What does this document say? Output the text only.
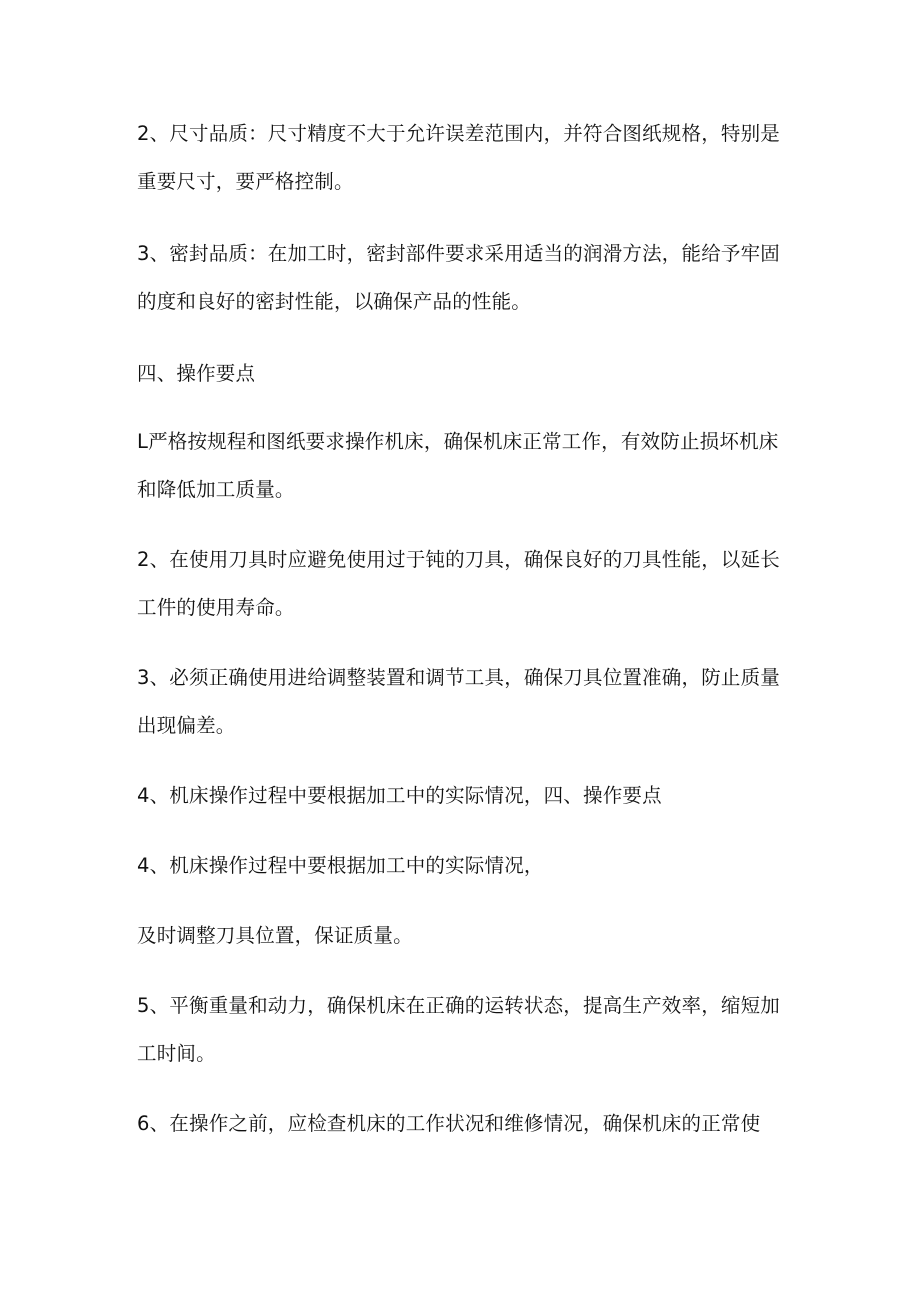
2、尺寸品质：尺寸精度不大于允许误差范围内，并符合图纸规格，特别是重要尺寸，要严格控制。

3、密封品质：在加工时，密封部件要求采用适当的润滑方法，能给予牢固的度和良好的密封性能，以确保产品的性能。

四、操作要点

L严格按规程和图纸要求操作机床，确保机床正常工作，有效防止损坏机床和降低加工质量。

2、在使用刀具时应避免使用过于钝的刀具，确保良好的刀具性能，以延长工件的使用寿命。

3、必须正确使用进给调整装置和调节工具，确保刀具位置准确，防止质量出现偏差。

4、机床操作过程中要根据加工中的实际情况，四、操作要点

4、机床操作过程中要根据加工中的实际情况，

及时调整刀具位置，保证质量。

5、平衡重量和动力，确保机床在正确的运转状态，提高生产效率，缩短加工时间。

6、在操作之前，应检查机床的工作状况和维修情况，确保机床的正常使
